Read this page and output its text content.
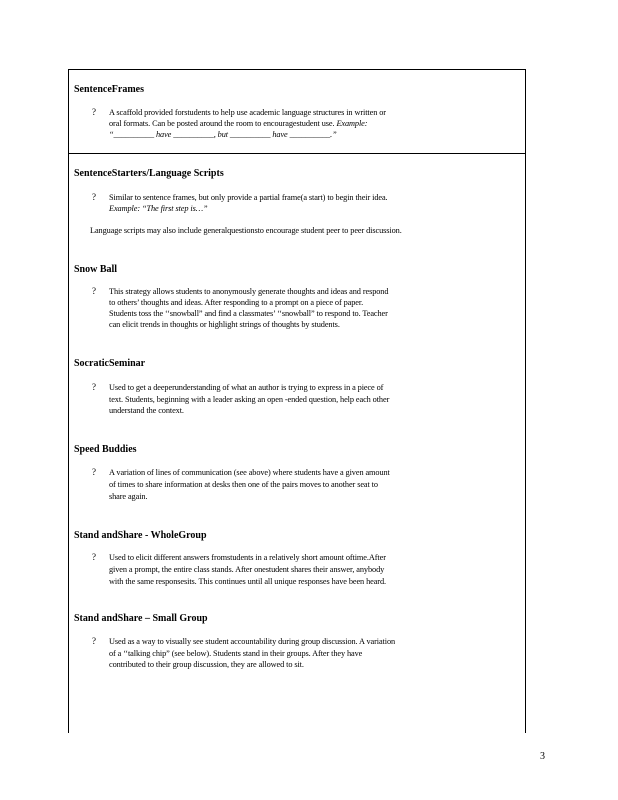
SentenceFrames
? A scaffold provided forstudents to help use academic language structures in written or
oral formats. Can be posted around the room to encouragestudent use. Example:
“__________ have __________, but __________ have __________.”
SentenceStarters/Language Scripts
? Similar to sentence frames, but only provide a partial frame(a start) to begin their idea.
Example: “The first step is…”
Language scripts may also include generalquestionsto encourage student peer to peer discussion.
Snow Ball
? This strategy allows students to anonymously generate thoughts and ideas and respond
to others’ thoughts and ideas. After responding to a prompt on a piece of paper.
Students toss the ‘‘snowball” and find a classmates’ ‘‘snowball” to respond to. Teacher
can elicit trends in thoughts or highlight strings of thoughts by students.
SocraticSeminar
? Used to get a deeperunderstanding of what an author is trying to express in a piece of
text. Students, beginning with a leader asking an open -ended question, help each other
understand the context.
Speed Buddies
? A variation of lines of communication (see above) where students have a given amount
of times to share information at desks then one of the pairs moves to another seat to
share again.
Stand andShare - WholeGroup
? Used to elicit different answers fromstudents in a relatively short amount oftime.After
given a prompt, the entire class stands. After onestudent shares their answer, anybody
with the same responsesits. This continues until all unique responses have been heard.
Stand andShare – Small Group
? Used as a way to visually see student accountability during group discussion. A variation
of a ‘‘talking chip” (see below). Students stand in their groups. After they have
contributed to their group discussion, they are allowed to sit.
3
